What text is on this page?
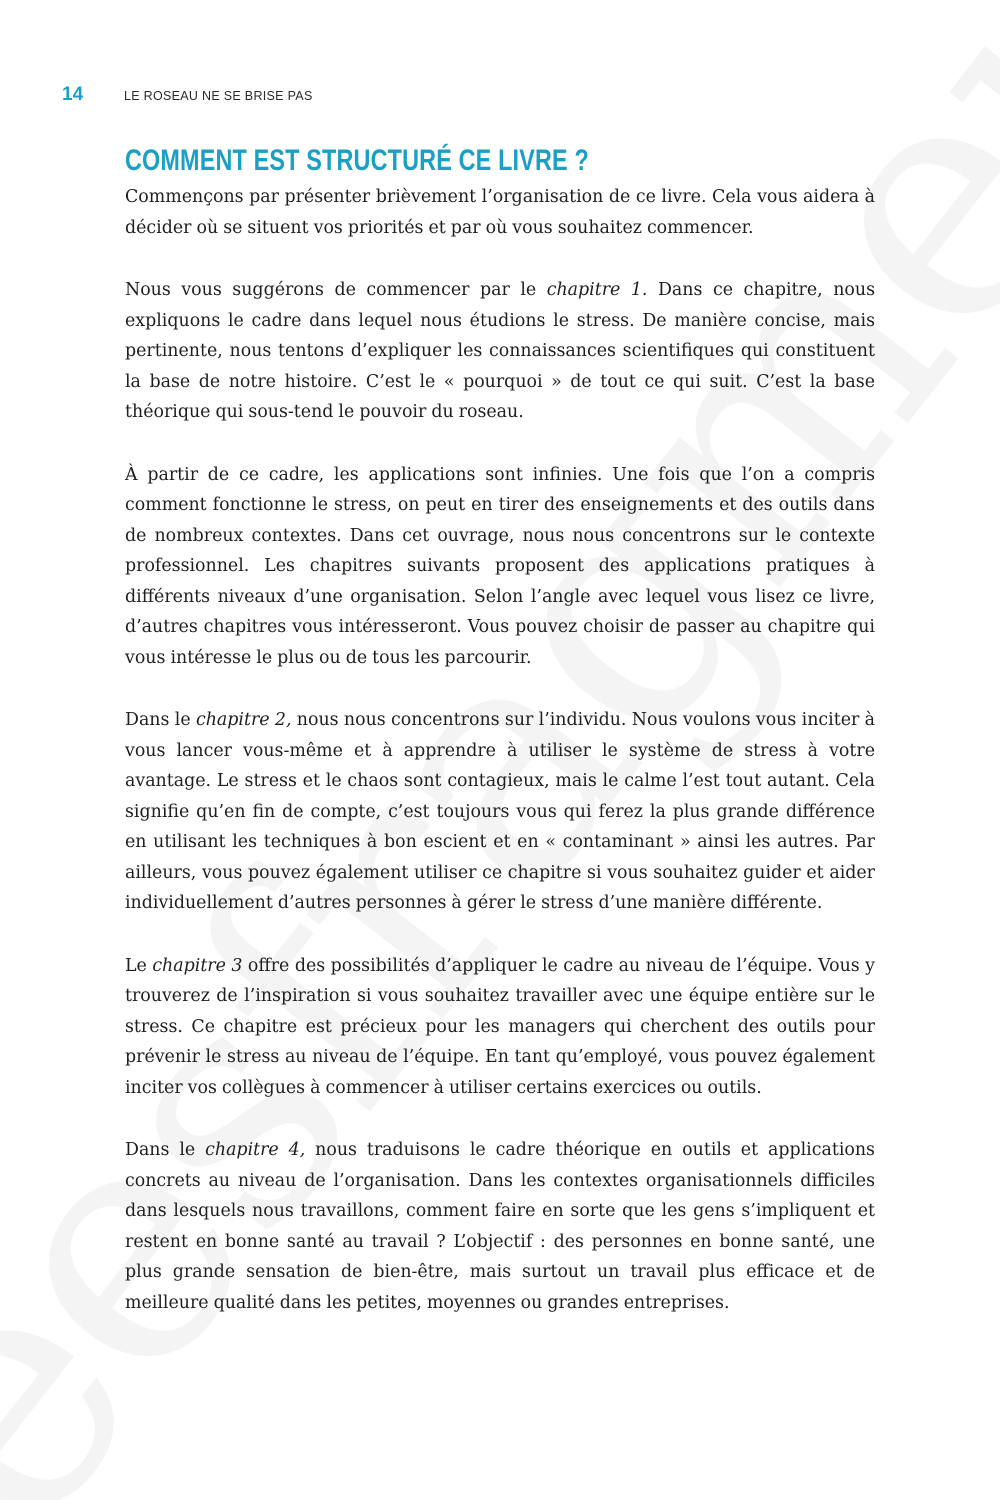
14	LE ROSEAU NE SE BRISE PAS
COMMENT EST STRUCTURÉ CE LIVRE ?

Commençons par présenter brièvement l’organisation de ce livre. Cela vous aidera à décider où se situent vos priorités et par où vous souhaitez commencer.

Nous vous suggérons de commencer par le chapitre 1. Dans ce chapitre, nous expliquons le cadre dans lequel nous étudions le stress. De manière concise, mais pertinente, nous tentons d’expliquer les connaissances scientifiques qui constituent la base de notre histoire. C’est le « pourquoi » de tout ce qui suit. C’est la base théorique qui sous-tend le pouvoir du roseau.

À partir de ce cadre, les applications sont infinies. Une fois que l’on a compris comment fonctionne le stress, on peut en tirer des enseignements et des outils dans de nombreux contextes. Dans cet ouvrage, nous nous concentrons sur le contexte professionnel. Les chapitres suivants proposent des applications pratiques à différents niveaux d’une organisation. Selon l’angle avec lequel vous lisez ce livre, d’autres chapitres vous intéresseront. Vous pouvez choisir de passer au chapitre qui vous intéresse le plus ou de tous les parcourir.

Dans le chapitre 2, nous nous concentrons sur l’individu. Nous voulons vous inciter à vous lancer vous-même et à apprendre à utiliser le système de stress à votre avantage. Le stress et le chaos sont contagieux, mais le calme l’est tout autant. Cela signifie qu’en fin de compte, c’est toujours vous qui ferez la plus grande différence en utilisant les techniques à bon escient et en « contaminant » ainsi les autres. Par ailleurs, vous pouvez également utiliser ce chapitre si vous souhaitez guider et aider individuellement d’autres personnes à gérer le stress d’une manière différente.

Le chapitre 3 offre des possibilités d’appliquer le cadre au niveau de l’équipe. Vous y trouverez de l’inspiration si vous souhaitez travailler avec une équipe entière sur le stress. Ce chapitre est précieux pour les managers qui cherchent des outils pour prévenir le stress au niveau de l’équipe. En tant qu’employé, vous pouvez également inciter vos collègues à commencer à utiliser certains exercices ou outils.

Dans le chapitre 4, nous traduisons le cadre théorique en outils et applications concrets au niveau de l’organisation. Dans les contextes organisationnels difficiles dans lesquels nous travaillons, comment faire en sorte que les gens s’impliquent et restent en bonne santé au travail ? L’objectif : des personnes en bonne santé, une plus grande sensation de bien-être, mais surtout un travail plus efficace et de meilleure qualité dans les petites, moyennes ou grandes entreprises.
